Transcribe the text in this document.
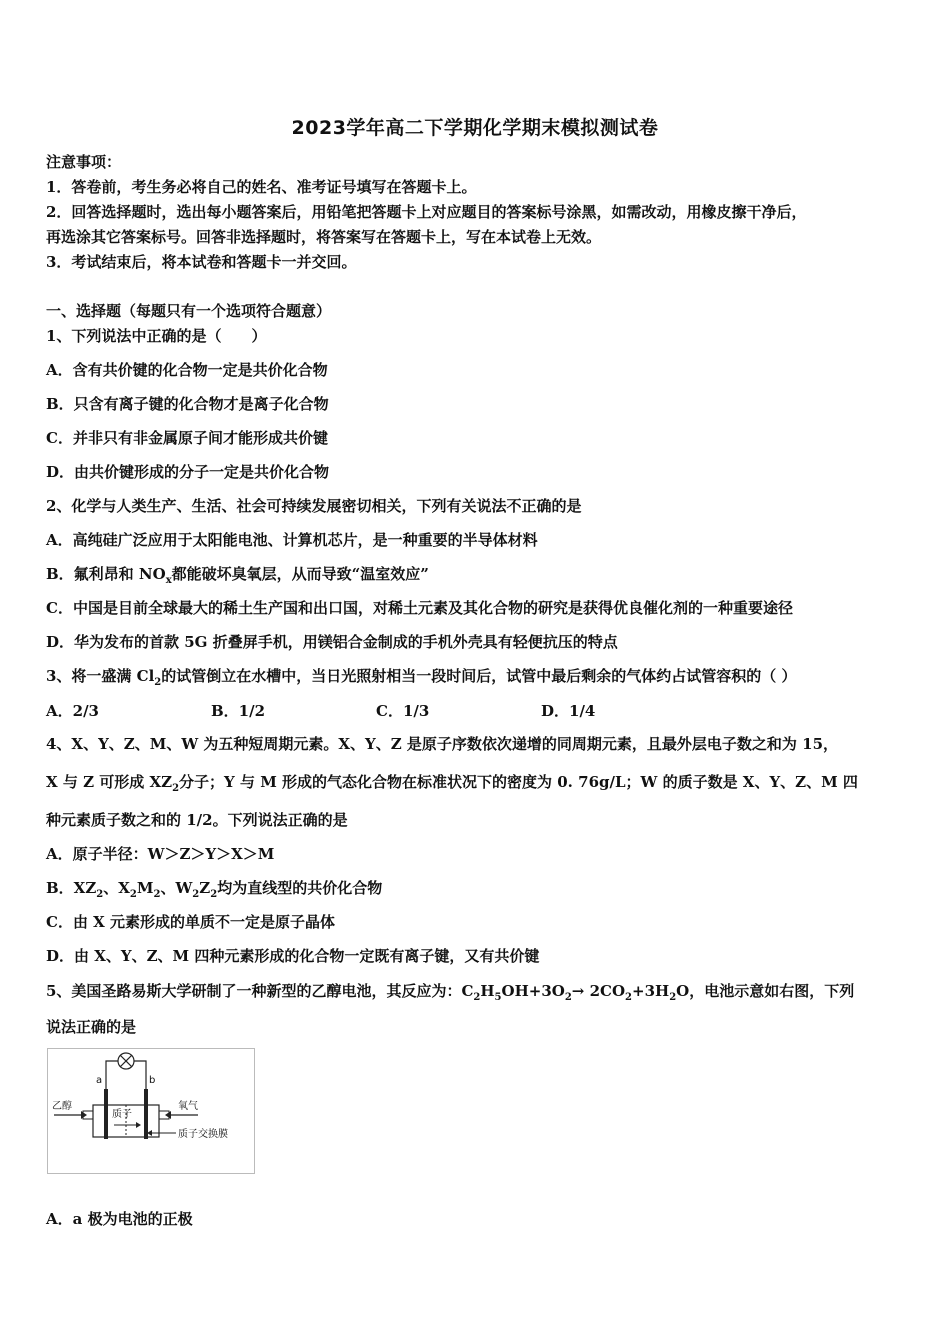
2023学年高二下学期化学期末模拟测试卷
注意事项：
1．答卷前，考生务必将自己的姓名、准考证号填写在答题卡上。
2．回答选择题时，选出每小题答案后，用铅笔把答题卡上对应题目的答案标号涂黑，如需改动，用橡皮擦干净后，
再选涂其它答案标号。回答非选择题时，将答案写在答题卡上，写在本试卷上无效。
3．考试结束后，将本试卷和答题卡一并交回。
一、选择题（每题只有一个选项符合题意）
1、下列说法中正确的是（　　）
A．含有共价键的化合物一定是共价化合物
B．只含有离子键的化合物才是离子化合物
C．并非只有非金属原子间才能形成共价键
D．由共价键形成的分子一定是共价化合物
2、化学与人类生产、生活、社会可持续发展密切相关，下列有关说法不正确的是
A．高纯硅广泛应用于太阳能电池、计算机芯片，是一种重要的半导体材料
B．氟利昂和 $NO_x$都能破坏臭氧层，从而导致“温室效应”
C．中国是目前全球最大的稀土生产国和出口国，对稀土元素及其化合物的研究是获得优良催化剂的一种重要途径
D．华为发布的首款 5G 折叠屏手机，用镁铝合金制成的手机外壳具有轻便抗压的特点
3、将一盛满 $Cl_2$的试管倒立在水槽中，当日光照射相当一段时间后，试管中最后剩余的气体约占试管容积的（ ）
A．2/3	B．1/2	C．1/3	D．1/4
4、X、Y、Z、M、W 为五种短周期元素。X、Y、Z 是原子序数依次递增的同周期元素，且最外层电子数之和为 15，
X 与 Z 可形成 $XZ_2$分子；Y 与 M 形成的气态化合物在标准状况下的密度为 0. 76g/L；W 的质子数是 X、Y、Z、M 四
种元素质子数之和的 1/2。下列说法正确的是
A．原子半径：W＞Z＞Y＞X＞M
B．$XZ_2$、$X_2M_2$、$W_2Z_2$均为直线型的共价化合物
C．由 X 元素形成的单质不一定是原子晶体
D．由 X、Y、Z、M 四种元素形成的化合物一定既有离子键，又有共价键
5、美国圣路易斯大学研制了一种新型的乙醇电池，其反应为：$C_2H_5OH+3O_2\to 2CO_2+3H_2O$，电池示意如右图，下列
说法正确的是
a	b
乙醇	氧气
质子
质子交换膜
A．a 极为电池的正极
